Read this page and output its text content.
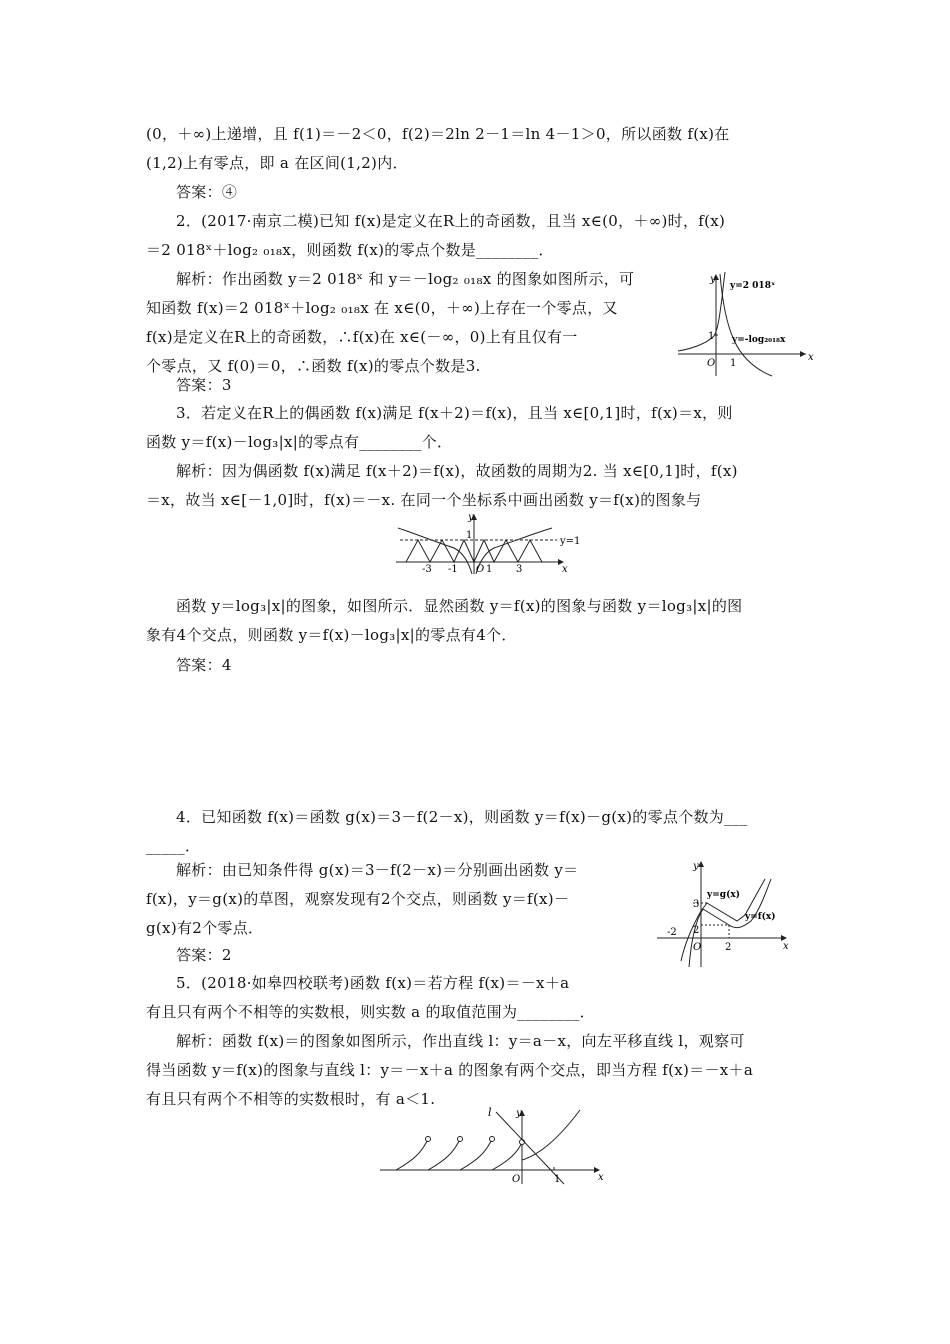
(0，＋∞)上递增，且 f(1)＝－2＜0，f(2)＝2ln 2－1＝ln 4－1＞0，所以函数 f(x)在
(1,2)上有零点，即 a 在区间(1,2)内．
答案：④
2．(2017·南京二模)已知 f(x)是定义在R上的奇函数，且当 x∈(0，＋∞)时，f(x)
＝2 018ˣ＋log₂ ₀₁₈x，则函数 f(x)的零点个数是________．
解析：作出函数 y＝2 018ˣ 和 y＝－log₂ ₀₁₈x 的图象如图所示，可
知函数 f(x)＝2 018ˣ＋log₂ ₀₁₈x 在 x∈(0，＋∞)上存在一个零点，又
f(x)是定义在R上的奇函数，∴f(x)在 x∈(－∞，0)上有且仅有一
个零点，又 f(0)＝0，∴函数 f(x)的零点个数是3.
答案：3
y
x
O 1
1
y=2 018ˣ
y=-log₂₀₁₈x
3．若定义在R上的偶函数 f(x)满足 f(x＋2)＝f(x)，且当 x∈[0,1]时，f(x)＝x，则
函数 y＝f(x)－log₃|x|的零点有________个．
解析：因为偶函数 f(x)满足 f(x＋2)＝f(x)，故函数的周期为2. 当 x∈[0,1]时，f(x)
＝x，故当 x∈[－1,0]时，f(x)＝－x. 在同一个坐标系中画出函数 y＝f(x)的图象与
y
x
O
1
-1
-3	1 3
y=1
函数 y＝log₃|x|的图象，如图所示．显然函数 y＝f(x)的图象与函数 y＝log₃|x|的图
象有4个交点，则函数 y＝f(x)－log₃|x|的零点有4个．
答案：4
4．已知函数 f(x)＝函数 g(x)＝3－f(2－x)，则函数 y＝f(x)－g(x)的零点个数为___
_____．
解析：由已知条件得 g(x)＝3－f(2－x)＝分别画出函数 y＝
f(x)，y＝g(x)的草图，观察发现有2个交点，则函数 y＝f(x)－
g(x)有2个零点．
答案：2
y
x
O
3
2
-2
2
y=g(x)
y=f(x)
5．(2018·如皋四校联考)函数 f(x)＝若方程 f(x)＝－x＋a
有且只有两个不相等的实数根，则实数 a 的取值范围为________．
解析：函数 f(x)＝的图象如图所示，作出直线 l：y＝a－x，向左平移直线 l，观察可
得当函数 y＝f(x)的图象与直线 l：y＝－x＋a 的图象有两个交点，即当方程 f(x)＝－x＋a
有且只有两个不相等的实数根时，有 a＜1.
y
x
O	1
l
